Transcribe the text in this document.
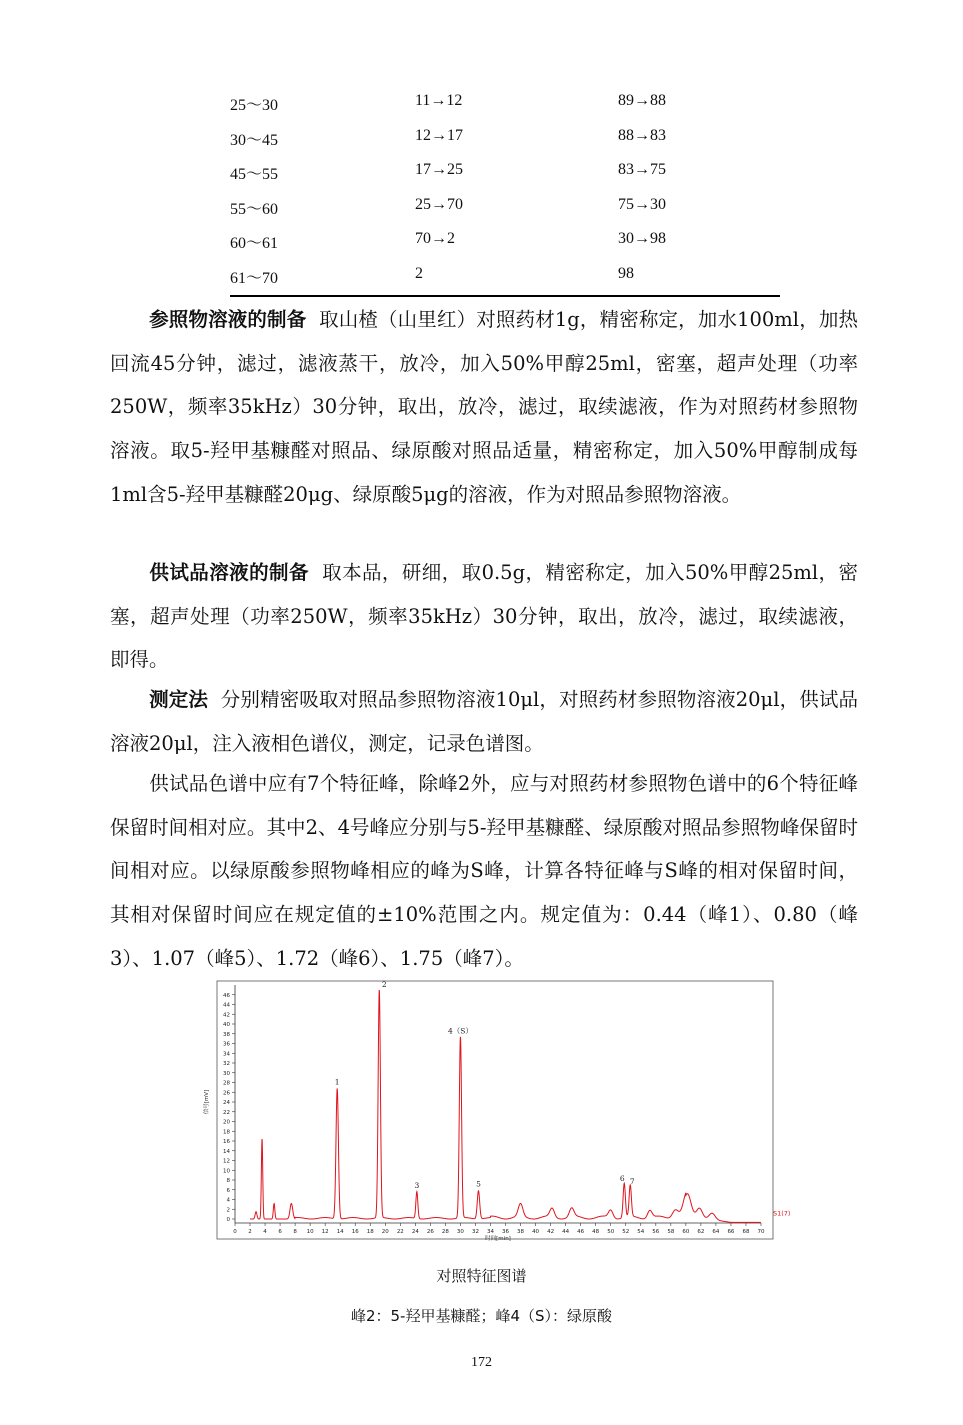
25～30	11→12	89→88
30～45	12→17	88→83
45～55	17→25	83→75
55～60	25→70	75→30
60～61	70→2	30→98
61～70	2	98

参照物溶液的制备 取山楂（山里红）对照药材1g，精密称定，加水100ml，加热回流45分钟，滤过，滤液蒸干，放冷，加入50%甲醇25ml，密塞，超声处理（功率250W，频率35kHz）30分钟，取出，放冷，滤过，取续滤液，作为对照药材参照物溶液。取5-羟甲基糠醛对照品、绿原酸对照品适量，精密称定，加入50%甲醇制成每1ml含5-羟甲基糠醛20μg、绿原酸5μg的溶液，作为对照品参照物溶液。

供试品溶液的制备 取本品，研细，取0.5g，精密称定，加入50%甲醇25ml，密塞，超声处理（功率250W，频率35kHz）30分钟，取出，放冷，滤过，取续滤液，即得。

测定法 分别精密吸取对照品参照物溶液10μl，对照药材参照物溶液20μl，供试品溶液20μl，注入液相色谱仪，测定，记录色谱图。

供试品色谱中应有7个特征峰，除峰2外，应与对照药材参照物色谱中的6个特征峰保留时间相对应。其中2、4号峰应分别与5-羟甲基糠醛、绿原酸对照品参照物峰保留时间相对应。以绿原酸参照物峰相应的峰为S峰，计算各特征峰与S峰的相对保留时间，其相对保留时间应在规定值的±10%范围之内。规定值为：0.44（峰1）、0.80（峰3）、1.07（峰5）、1.72（峰6）、1.75（峰7）。

0
2
4
6
8
10
12
14
16
18
20
22
24
26
28
30
32
34
36
38
40
42
44
46
0 2 4 6 8 10 12 14 16 18 20 22 24 26 28 30 32 34 36 38 40 42 44 46 48 50 52 54 56 58 60 62 64 66 68 70
时间[min]
信号[mV]
1
2
3
4（S）
5
6 7
S1(7)
对照特征图谱
峰2：5-羟甲基糠醛；峰4（S）：绿原酸
172
